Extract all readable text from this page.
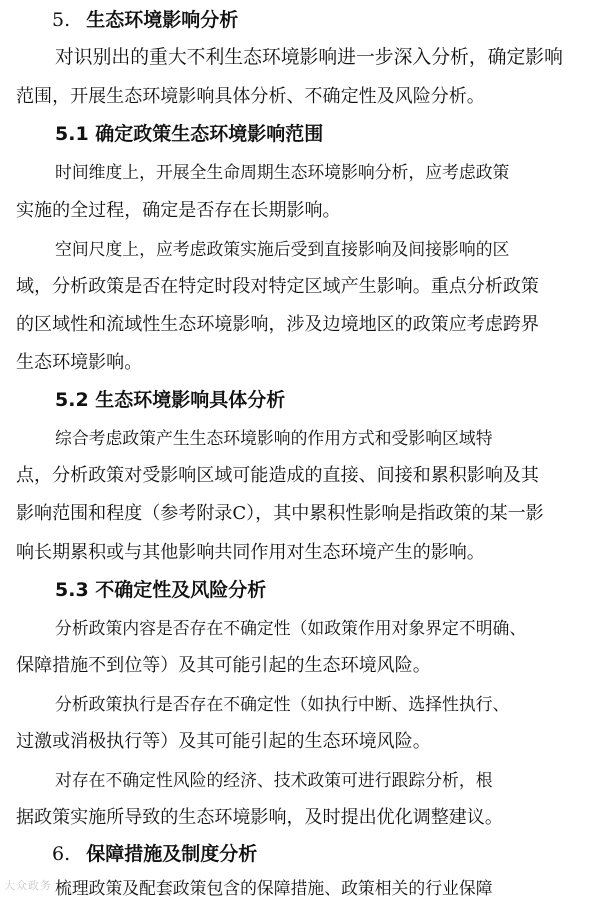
5. 生态环境影响分析
对识别出的重大不利生态环境影响进一步深入分析，确定影响
范围，开展生态环境影响具体分析、不确定性及风险分析。
5.1 确定政策生态环境影响范围
时间维度上，开展全生命周期生态环境影响分析，应考虑政策
实施的全过程，确定是否存在长期影响。
空间尺度上，应考虑政策实施后受到直接影响及间接影响的区
域，分析政策是否在特定时段对特定区域产生影响。重点分析政策
的区域性和流域性生态环境影响，涉及边境地区的政策应考虑跨界
生态环境影响。
5.2 生态环境影响具体分析
综合考虑政策产生生态环境影响的作用方式和受影响区域特
点，分析政策对受影响区域可能造成的直接、间接和累积影响及其
影响范围和程度（参考附录C），其中累积性影响是指政策的某一影
响长期累积或与其他影响共同作用对生态环境产生的影响。
5.3 不确定性及风险分析
分析政策内容是否存在不确定性（如政策作用对象界定不明确、
保障措施不到位等）及其可能引起的生态环境风险。
分析政策执行是否存在不确定性（如执行中断、选择性执行、
过激或消极执行等）及其可能引起的生态环境风险。
对存在不确定性风险的经济、技术政策可进行跟踪分析，根
据政策实施所导致的生态环境影响，及时提出优化调整建议。
6. 保障措施及制度分析
梳理政策及配套政策包含的保障措施、政策相关的行业保障
大众政务
